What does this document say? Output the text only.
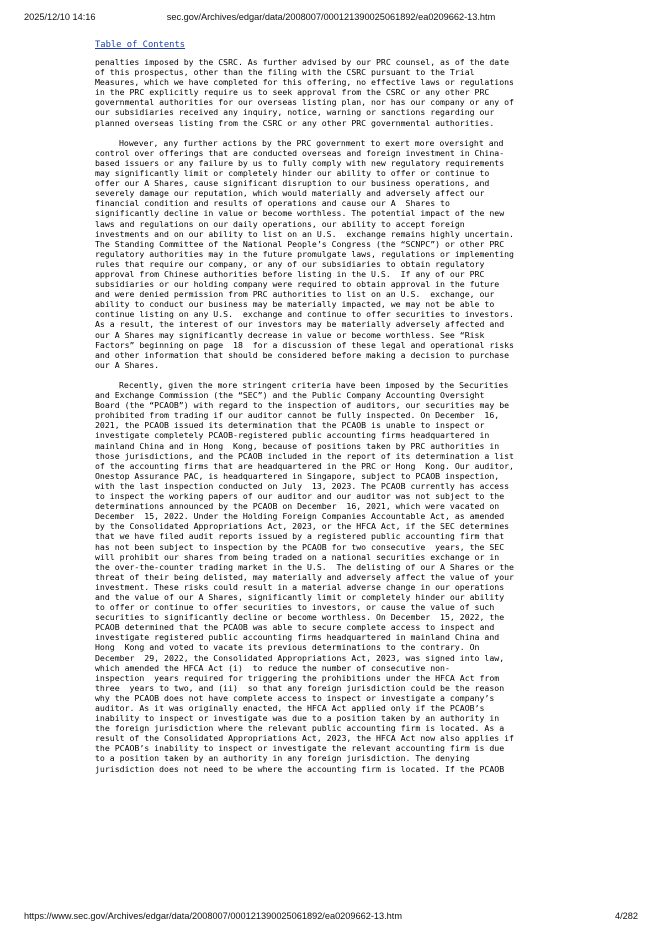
2025/12/10 14:16	sec.gov/Archives/edgar/data/2008007/000121390025061892/ea0209662-13.htm
Table of Contents
penalties imposed by the CSRC. As further advised by our PRC counsel, as of the date
of this prospectus, other than the filing with the CSRC pursuant to the Trial
Measures, which we have completed for this offering, no effective laws or regulations
in the PRC explicitly require us to seek approval from the CSRC or any other PRC
governmental authorities for our overseas listing plan, nor has our company or any of
our subsidiaries received any inquiry, notice, warning or sanctions regarding our
planned overseas listing from the CSRC or any other PRC governmental authorities.
However, any further actions by the PRC government to exert more oversight and
control over offerings that are conducted overseas and foreign investment in China-
based issuers or any failure by us to fully comply with new regulatory requirements
may significantly limit or completely hinder our ability to offer or continue to
offer our A Shares, cause significant disruption to our business operations, and
severely damage our reputation, which would materially and adversely affect our
financial condition and results of operations and cause our A  Shares to
significantly decline in value or become worthless. The potential impact of the new
laws and regulations on our daily operations, our ability to accept foreign
investments and on our ability to list on an U.S.  exchange remains highly uncertain.
The Standing Committee of the National People’s Congress (the “SCNPC”) or other PRC
regulatory authorities may in the future promulgate laws, regulations or implementing
rules that require our company, or any of our subsidiaries to obtain regulatory
approval from Chinese authorities before listing in the U.S.  If any of our PRC
subsidiaries or our holding company were required to obtain approval in the future
and were denied permission from PRC authorities to list on an U.S.  exchange, our
ability to conduct our business may be materially impacted, we may not be able to
continue listing on any U.S.  exchange and continue to offer securities to investors.
As a result, the interest of our investors may be materially adversely affected and
our A Shares may significantly decrease in value or become worthless. See “Risk
Factors” beginning on page  18  for a discussion of these legal and operational risks
and other information that should be considered before making a decision to purchase
our A Shares.
Recently, given the more stringent criteria have been imposed by the Securities
and Exchange Commission (the “SEC”) and the Public Company Accounting Oversight
Board (the “PCAOB”) with regard to the inspection of auditors, our securities may be
prohibited from trading if our auditor cannot be fully inspected. On December  16,
2021, the PCAOB issued its determination that the PCAOB is unable to inspect or
investigate completely PCAOB-registered public accounting firms headquartered in
mainland China and in Hong  Kong, because of positions taken by PRC authorities in
those jurisdictions, and the PCAOB included in the report of its determination a list
of the accounting firms that are headquartered in the PRC or Hong  Kong. Our auditor,
Onestop Assurance PAC, is headquartered in Singapore, subject to PCAOB inspection,
with the last inspection conducted on July  13, 2023. The PCAOB currently has access
to inspect the working papers of our auditor and our auditor was not subject to the
determinations announced by the PCAOB on December  16, 2021, which were vacated on
December  15, 2022. Under the Holding Foreign Companies Accountable Act, as amended
by the Consolidated Appropriations Act, 2023, or the HFCA Act, if the SEC determines
that we have filed audit reports issued by a registered public accounting firm that
has not been subject to inspection by the PCAOB for two consecutive  years, the SEC
will prohibit our shares from being traded on a national securities exchange or in
the over-the-counter trading market in the U.S.  The delisting of our A Shares or the
threat of their being delisted, may materially and adversely affect the value of your
investment. These risks could result in a material adverse change in our operations
and the value of our A Shares, significantly limit or completely hinder our ability
to offer or continue to offer securities to investors, or cause the value of such
securities to significantly decline or become worthless. On December  15, 2022, the
PCAOB determined that the PCAOB was able to secure complete access to inspect and
investigate registered public accounting firms headquartered in mainland China and
Hong  Kong and voted to vacate its previous determinations to the contrary. On
December  29, 2022, the Consolidated Appropriations Act, 2023, was signed into law,
which amended the HFCA Act (i)  to reduce the number of consecutive non-
inspection  years required for triggering the prohibitions under the HFCA Act from
three  years to two, and (ii)  so that any foreign jurisdiction could be the reason
why the PCAOB does not have complete access to inspect or investigate a company’s
auditor. As it was originally enacted, the HFCA Act applied only if the PCAOB’s
inability to inspect or investigate was due to a position taken by an authority in
the foreign jurisdiction where the relevant public accounting firm is located. As a
result of the Consolidated Appropriations Act, 2023, the HFCA Act now also applies if
the PCAOB’s inability to inspect or investigate the relevant accounting firm is due
to a position taken by an authority in any foreign jurisdiction. The denying
jurisdiction does not need to be where the accounting firm is located. If the PCAOB
https://www.sec.gov/Archives/edgar/data/2008007/000121390025061892/ea0209662-13.htm	4/282
